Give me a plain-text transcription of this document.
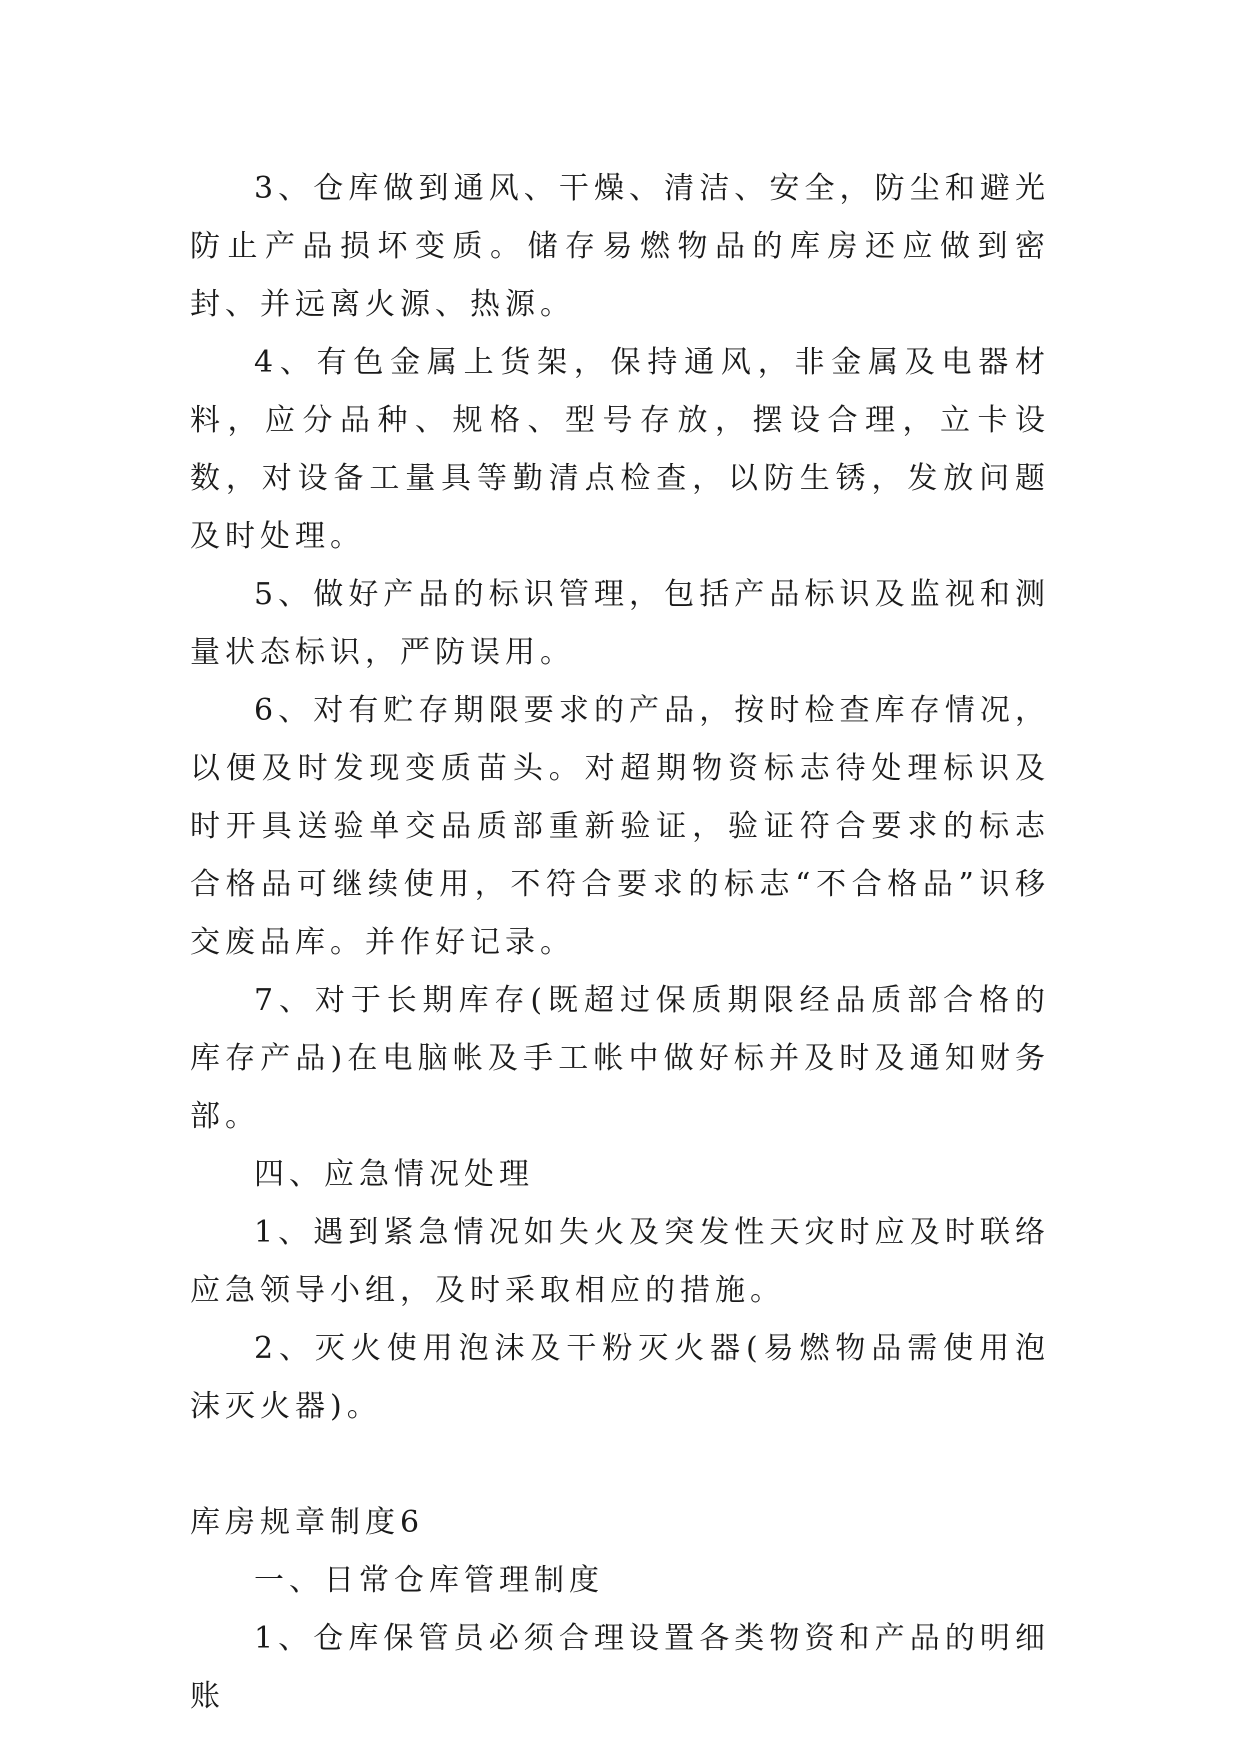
3、仓库做到通风、干燥、清洁、安全，防尘和避光防止产品损坏变质。储存易燃物品的库房还应做到密封、并远离火源、热源。

4、有色金属上货架，保持通风，非金属及电器材料，应分品种、规格、型号存放，摆设合理，立卡设数，对设备工量具等勤清点检查，以防生锈，发放问题及时处理。

5、做好产品的标识管理，包括产品标识及监视和测量状态标识，严防误用。

6、对有贮存期限要求的产品，按时检查库存情况，以便及时发现变质苗头。对超期物资标志待处理标识及时开具送验单交品质部重新验证，验证符合要求的标志合格品可继续使用，不符合要求的标志“不合格品”识移交废品库。并作好记录。

7、对于长期库存(既超过保质期限经品质部合格的库存产品)在电脑帐及手工帐中做好标并及时及通知财务部。

四、应急情况处理

1、遇到紧急情况如失火及突发性天灾时应及时联络应急领导小组，及时采取相应的措施。

2、灭火使用泡沫及干粉灭火器(易燃物品需使用泡沫灭火器)。

库房规章制度6

一、日常仓库管理制度

1、仓库保管员必须合理设置各类物资和产品的明细账
